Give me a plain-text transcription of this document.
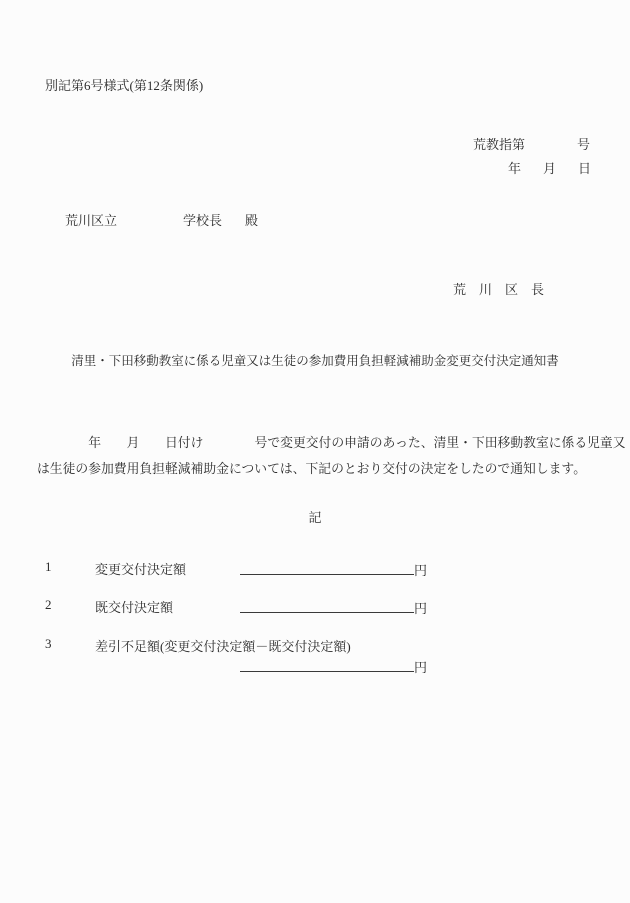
別記第6号様式(第12条関係)
荒教指第	号
年 月 日
荒川区立	学校長 殿
荒　川　区　長
清里・下田移動教室に係る児童又は生徒の参加費用負担軽減補助金変更交付決定通知書
　　　　年　　月　　日付け　　　　号で変更交付の申請のあった、清里・下田移動教室に係る児童又
は生徒の参加費用負担軽減補助金については、下記のとおり交付の決定をしたので通知します。
記
1	変更交付決定額	円
2	既交付決定額	円
3	差引不足額(変更交付決定額－既交付決定額)
円
